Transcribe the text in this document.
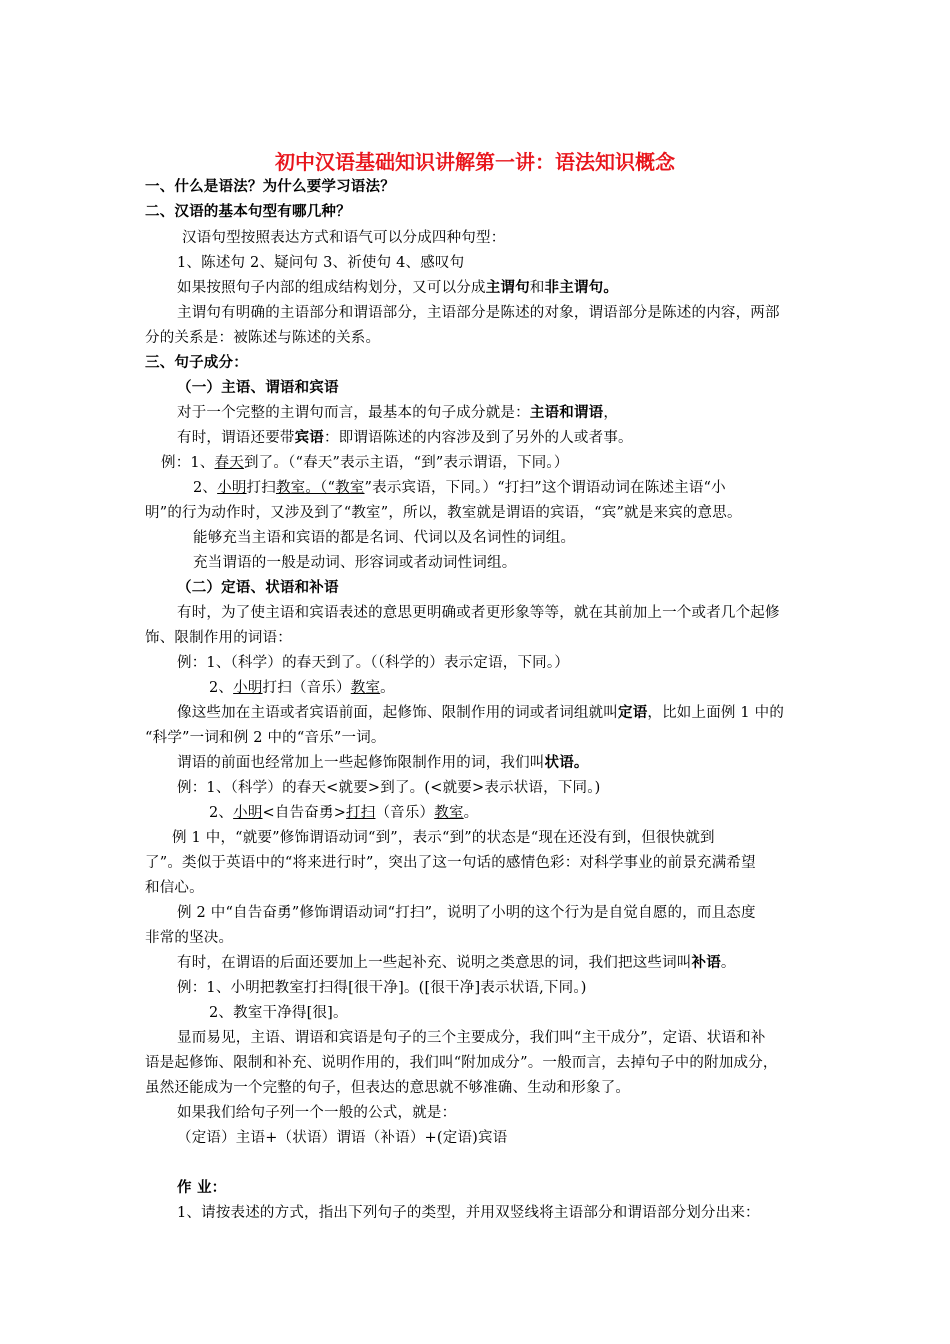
初中汉语基础知识讲解第一讲：语法知识概念
一、什么是语法？为什么要学习语法？
二、汉语的基本句型有哪几种？
汉语句型按照表达方式和语气可以分成四种句型：
1、陈述句 2、疑问句 3、祈使句 4、感叹句
如果按照句子内部的组成结构划分，又可以分成主谓句和非主谓句。
主谓句有明确的主语部分和谓语部分，主语部分是陈述的对象，谓语部分是陈述的内容，两部
分的关系是：被陈述与陈述的关系。
三、句子成分：
（一）主语、谓语和宾语
对于一个完整的主谓句而言，最基本的句子成分就是：主语和谓语，
有时，谓语还要带宾语：即谓语陈述的内容涉及到了另外的人或者事。
例：1、春天到了。（“春天”表示主语，“到”表示谓语，下同。）
2、小明打扫教室。（“教室”表示宾语，下同。）“打扫”这个谓语动词在陈述主语“小
明”的行为动作时，又涉及到了“教室”，所以，教室就是谓语的宾语，“宾”就是来宾的意思。
能够充当主语和宾语的都是名词、代词以及名词性的词组。
充当谓语的一般是动词、形容词或者动词性词组。
（二）定语、状语和补语
有时，为了使主语和宾语表述的意思更明确或者更形象等等，就在其前加上一个或者几个起修
饰、限制作用的词语：
例：1、（科学）的春天到了。（（科学的）表示定语，下同。）
2、小明打扫（音乐）教室。
像这些加在主语或者宾语前面，起修饰、限制作用的词或者词组就叫定语，比如上面例 1 中的
“科学”一词和例 2 中的“音乐”一词。
谓语的前面也经常加上一些起修饰限制作用的词，我们叫状语。
例：1、（科学）的春天<就要>到了。(<就要>表示状语，下同。)
2、小明<自告奋勇>打扫（音乐）教室。
例 1 中，“就要”修饰谓语动词“到”，表示“到”的状态是“现在还没有到，但很快就到
了”。类似于英语中的“将来进行时”，突出了这一句话的感情色彩：对科学事业的前景充满希望
和信心。
例 2 中“自告奋勇”修饰谓语动词“打扫”，说明了小明的这个行为是自觉自愿的，而且态度
非常的坚决。
有时，在谓语的后面还要加上一些起补充、说明之类意思的词，我们把这些词叫补语。
例：1、小明把教室打扫得[很干净]。([很干净]表示状语,下同。)
2、教室干净得[很]。
显而易见，主语、谓语和宾语是句子的三个主要成分，我们叫“主干成分”，定语、状语和补
语是起修饰、限制和补充、说明作用的，我们叫“附加成分”。一般而言，去掉句子中的附加成分，
虽然还能成为一个完整的句子，但表达的意思就不够准确、生动和形象了。
如果我们给句子列一个一般的公式，就是：
（定语）主语+（状语）谓语（补语）+(定语)宾语
作 业：
1、请按表述的方式，指出下列句子的类型，并用双竖线将主语部分和谓语部分划分出来：
